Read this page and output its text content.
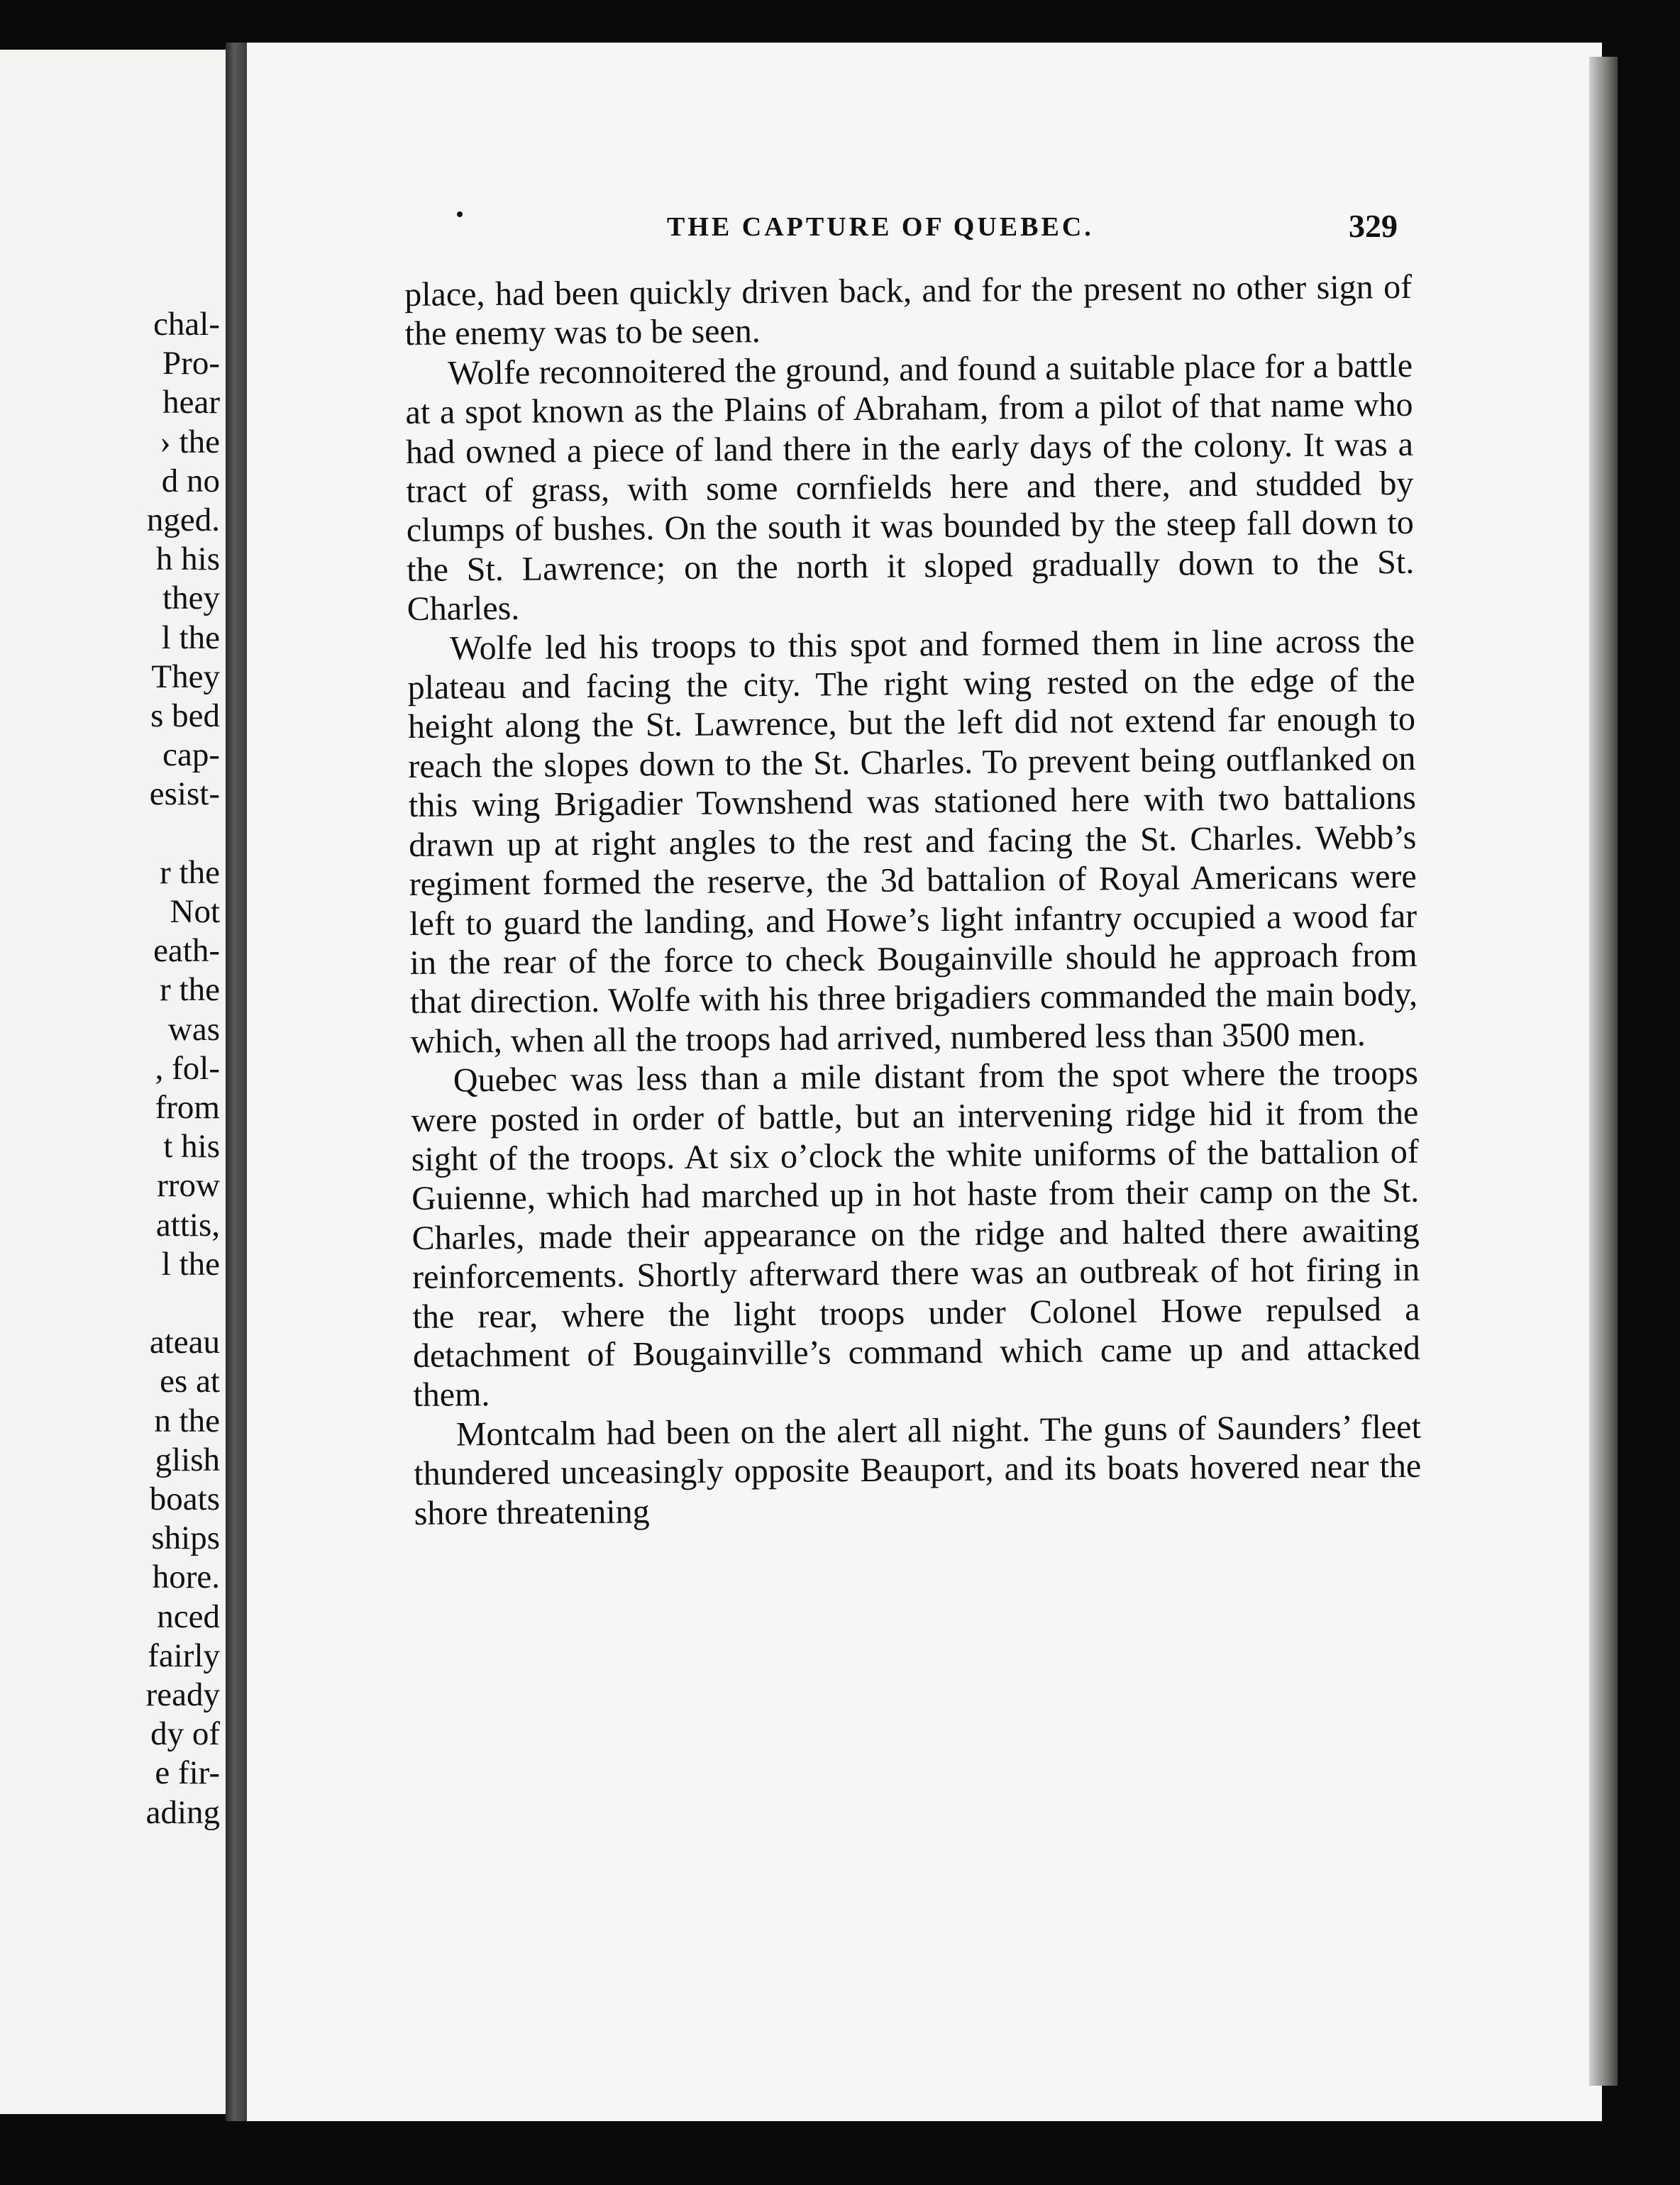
chal-
Pro-
hear
› the
d no
nged.
h his
they
l the
They
s bed
cap-
esist-
r the
Not
eath-
r the
was
, fol-
from
t his
rrow
attis,
l the
ateau
es at
n the
glish
boats
ships
hore.
nced
fairly
ready
dy of
e fir-
ading
THE CAPTURE OF QUEBEC.	329

place, had been quickly driven back, and for the present no other sign of the enemy was to be seen.

Wolfe reconnoitered the ground, and found a suitable place for a battle at a spot known as the Plains of Abraham, from a pilot of that name who had owned a piece of land there in the early days of the colony. It was a tract of grass, with some cornfields here and there, and studded by clumps of bushes. On the south it was bounded by the steep fall down to the St. Lawrence; on the north it sloped gradually down to the St. Charles.

Wolfe led his troops to this spot and formed them in line across the plateau and facing the city. The right wing rested on the edge of the height along the St. Lawrence, but the left did not extend far enough to reach the slopes down to the St. Charles. To prevent being outflanked on this wing Brigadier Townshend was stationed here with two battalions drawn up at right angles to the rest and facing the St. Charles. Webb’s regiment formed the reserve, the 3d battalion of Royal Americans were left to guard the landing, and Howe’s light infantry occupied a wood far in the rear of the force to check Bougainville should he approach from that direction. Wolfe with his three brigadiers commanded the main body, which, when all the troops had arrived, numbered less than 3500 men.

Quebec was less than a mile distant from the spot where the troops were posted in order of battle, but an intervening ridge hid it from the sight of the troops. At six o’clock the white uniforms of the battalion of Guienne, which had marched up in hot haste from their camp on the St. Charles, made their appearance on the ridge and halted there awaiting reinforcements. Shortly afterward there was an outbreak of hot firing in the rear, where the light troops under Colonel Howe repulsed a detachment of Bougainville’s command which came up and attacked them.

Montcalm had been on the alert all night. The guns of Saunders’ fleet thundered unceasingly opposite Beauport, and its boats hovered near the shore threatening
